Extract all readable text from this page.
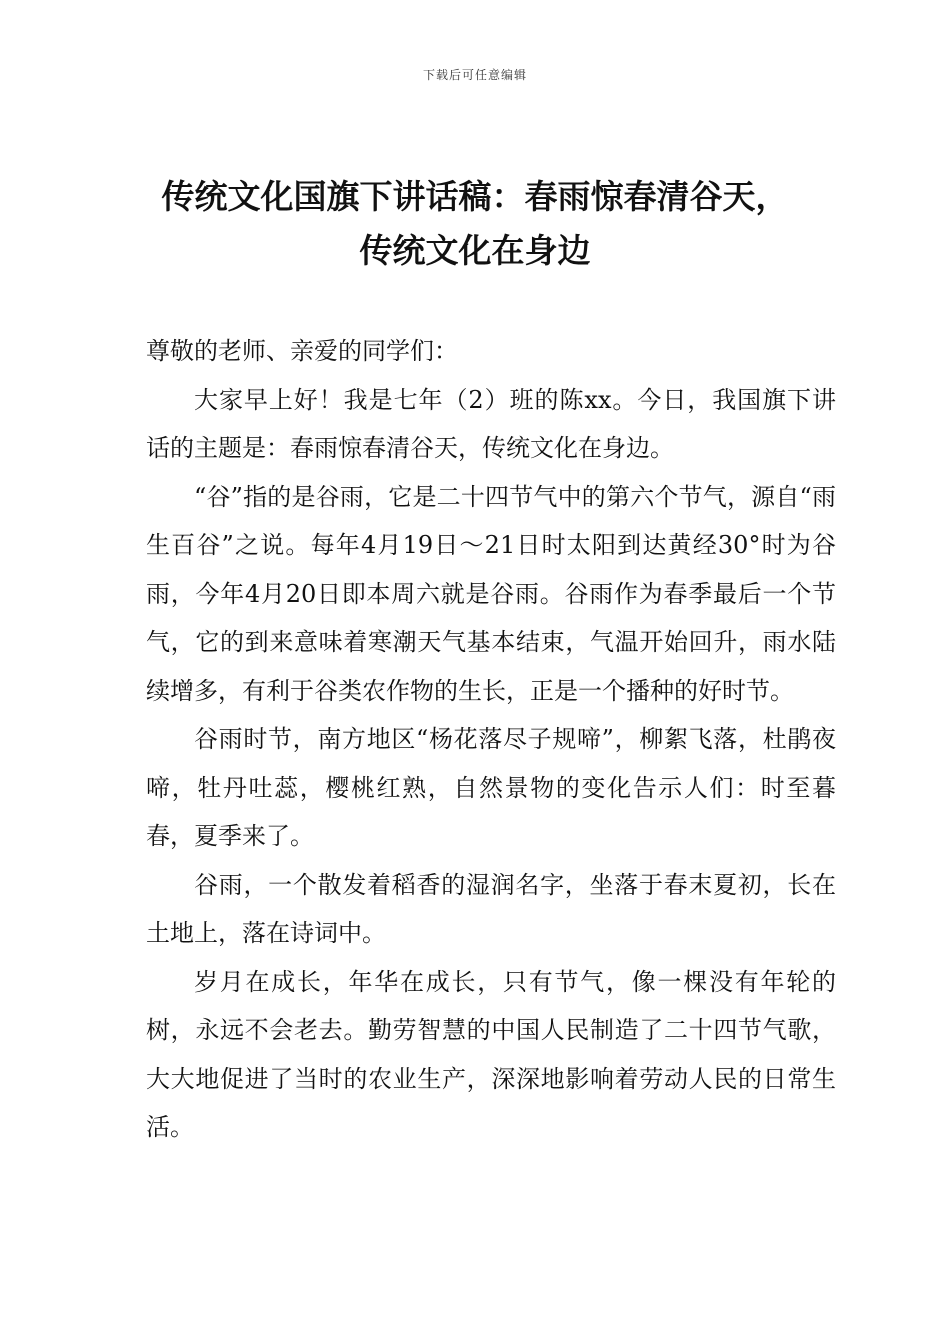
下载后可任意编辑
传统文化国旗下讲话稿：春雨惊春清谷天，
传统文化在身边

尊敬的老师、亲爱的同学们：

大家早上好！我是七年（2）班的陈xx。今日，我国旗下讲话的主题是：春雨惊春清谷天，传统文化在身边。

“谷”指的是谷雨，它是二十四节气中的第六个节气，源自“雨生百谷”之说。每年4月19日～21日时太阳到达黄经30°时为谷雨，今年4月20日即本周六就是谷雨。谷雨作为春季最后一个节气，它的到来意味着寒潮天气基本结束，气温开始回升，雨水陆续增多，有利于谷类农作物的生长，正是一个播种的好时节。

谷雨时节，南方地区“杨花落尽子规啼”，柳絮飞落，杜鹃夜啼，牡丹吐蕊，樱桃红熟，自然景物的变化告示人们：时至暮春，夏季来了。

谷雨，一个散发着稻香的湿润名字，坐落于春末夏初，长在土地上，落在诗词中。

岁月在成长，年华在成长，只有节气，像一棵没有年轮的树，永远不会老去。勤劳智慧的中国人民制造了二十四节气歌，大大地促进了当时的农业生产，深深地影响着劳动人民的日常生活。
